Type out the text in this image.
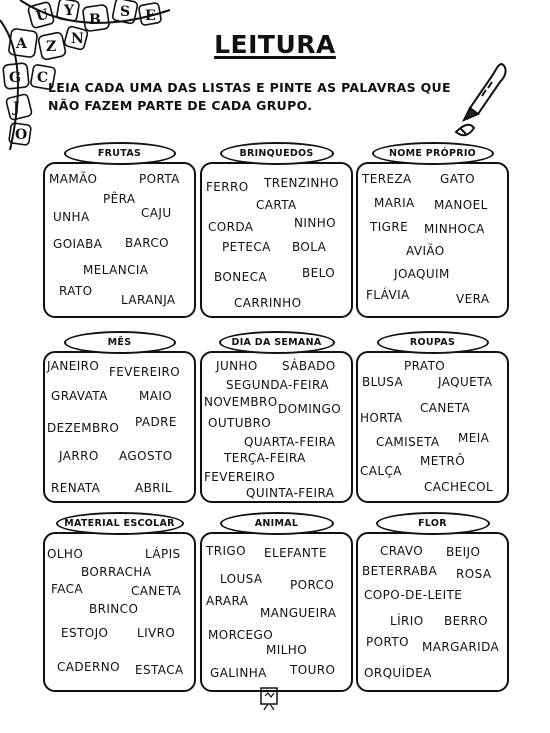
U Y
B S E
A Z N
G C
J
O
LEITURA
LEIA CADA UMA DAS LISTAS E PINTE AS PALAVRAS QUE NÃO FAZEM PARTE DE CADA GRUPO.
FRUTAS
MAMÃO	PORTA
PÊRA
UNHA	CAJU
GOIABA BARCO
MELANCIA
RATO
LARANJA
BRINQUEDOS
FERRO TRENZINHO
CARTA
CORDA	NINHO
PETECA BOLA
BONECA	BELO
CARRINHO
NOME PRÓPRIO
TEREZA GATO
MARIA MANOEL
TIGRE MINHOCA
AVIÃO
JOAQUIM
FLÁVIA	VERA
MÊS
JANEIRO FEVEREIRO
GRAVATA	MAIO
DEZEMBRO PADRE
JARRO AGOSTO
RENATA	ABRIL
DIA DA SEMANA
JUNHO SÁBADO
SEGUNDA-FEIRA
NOVEMBRO DOMINGO
OUTUBRO
QUARTA-FEIRA
TERÇA-FEIRA
FEVEREIRO
QUINTA-FEIRA
ROUPAS
PRATO
BLUSA	JAQUETA
CANETA
HORTA
CAMISETA MEIA
METRÔ
CALÇA
CACHECOL
MATERIAL ESCOLAR
OLHO	LÁPIS
BORRACHA
FACA	CANETA
BRINCO
ESTOJO LIVRO
CADERNO ESTACA
ANIMAL
TRIGO ELEFANTE
LOUSA PORCO
ARARA
MANGUEIRA
MORCEGO
MILHO
GALINHA TOURO
FLOR
CRAVO BEIJO
BETERRABA ROSA
COPO-DE-LEITE
LÍRIO BERRO
PORTO MARGARIDA
ORQUÍDEA
